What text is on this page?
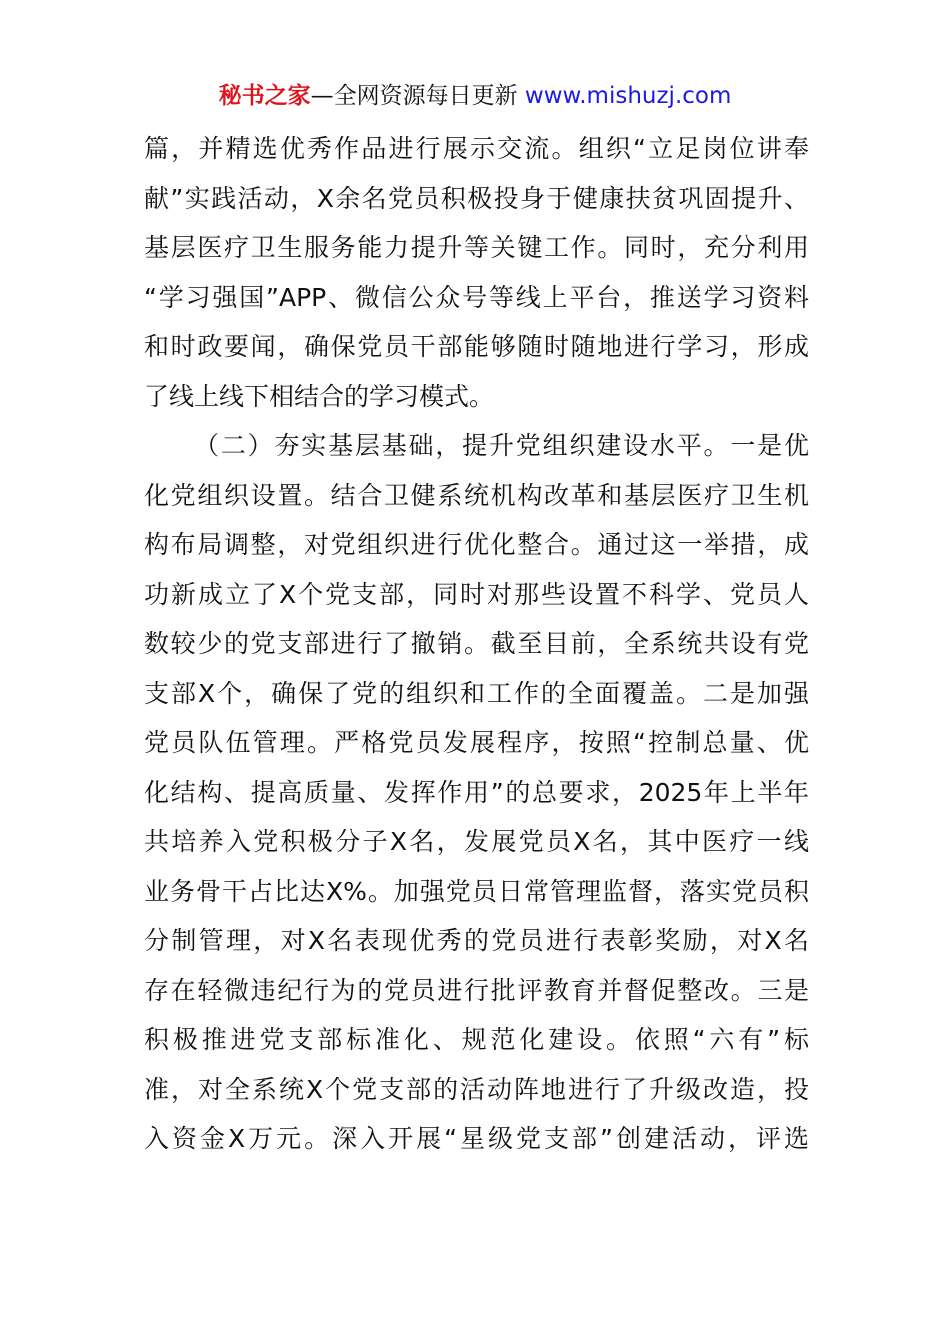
秘书之家—全网资源每日更新 www.mishuzj.com
篇，并精选优秀作品进行展示交流。组织“立足岗位讲奉
献”实践活动，X余名党员积极投身于健康扶贫巩固提升、
基层医疗卫生服务能力提升等关键工作。同时，充分利用
“学习强国”APP、微信公众号等线上平台，推送学习资料
和时政要闻，确保党员干部能够随时随地进行学习，形成
了线上线下相结合的学习模式。
（二）夯实基层基础，提升党组织建设水平。一是优
化党组织设置。结合卫健系统机构改革和基层医疗卫生机
构布局调整，对党组织进行优化整合。通过这一举措，成
功新成立了X个党支部，同时对那些设置不科学、党员人
数较少的党支部进行了撤销。截至目前，全系统共设有党
支部X个，确保了党的组织和工作的全面覆盖。二是加强
党员队伍管理。严格党员发展程序，按照“控制总量、优
化结构、提高质量、发挥作用”的总要求，2025年上半年
共培养入党积极分子X名，发展党员X名，其中医疗一线
业务骨干占比达X%。加强党员日常管理监督，落实党员积
分制管理，对X名表现优秀的党员进行表彰奖励，对X名
存在轻微违纪行为的党员进行批评教育并督促整改。三是
积极推进党支部标准化、规范化建设。依照“六有”标
准，对全系统X个党支部的活动阵地进行了升级改造，投
入资金X万元。深入开展“星级党支部”创建活动，评选
